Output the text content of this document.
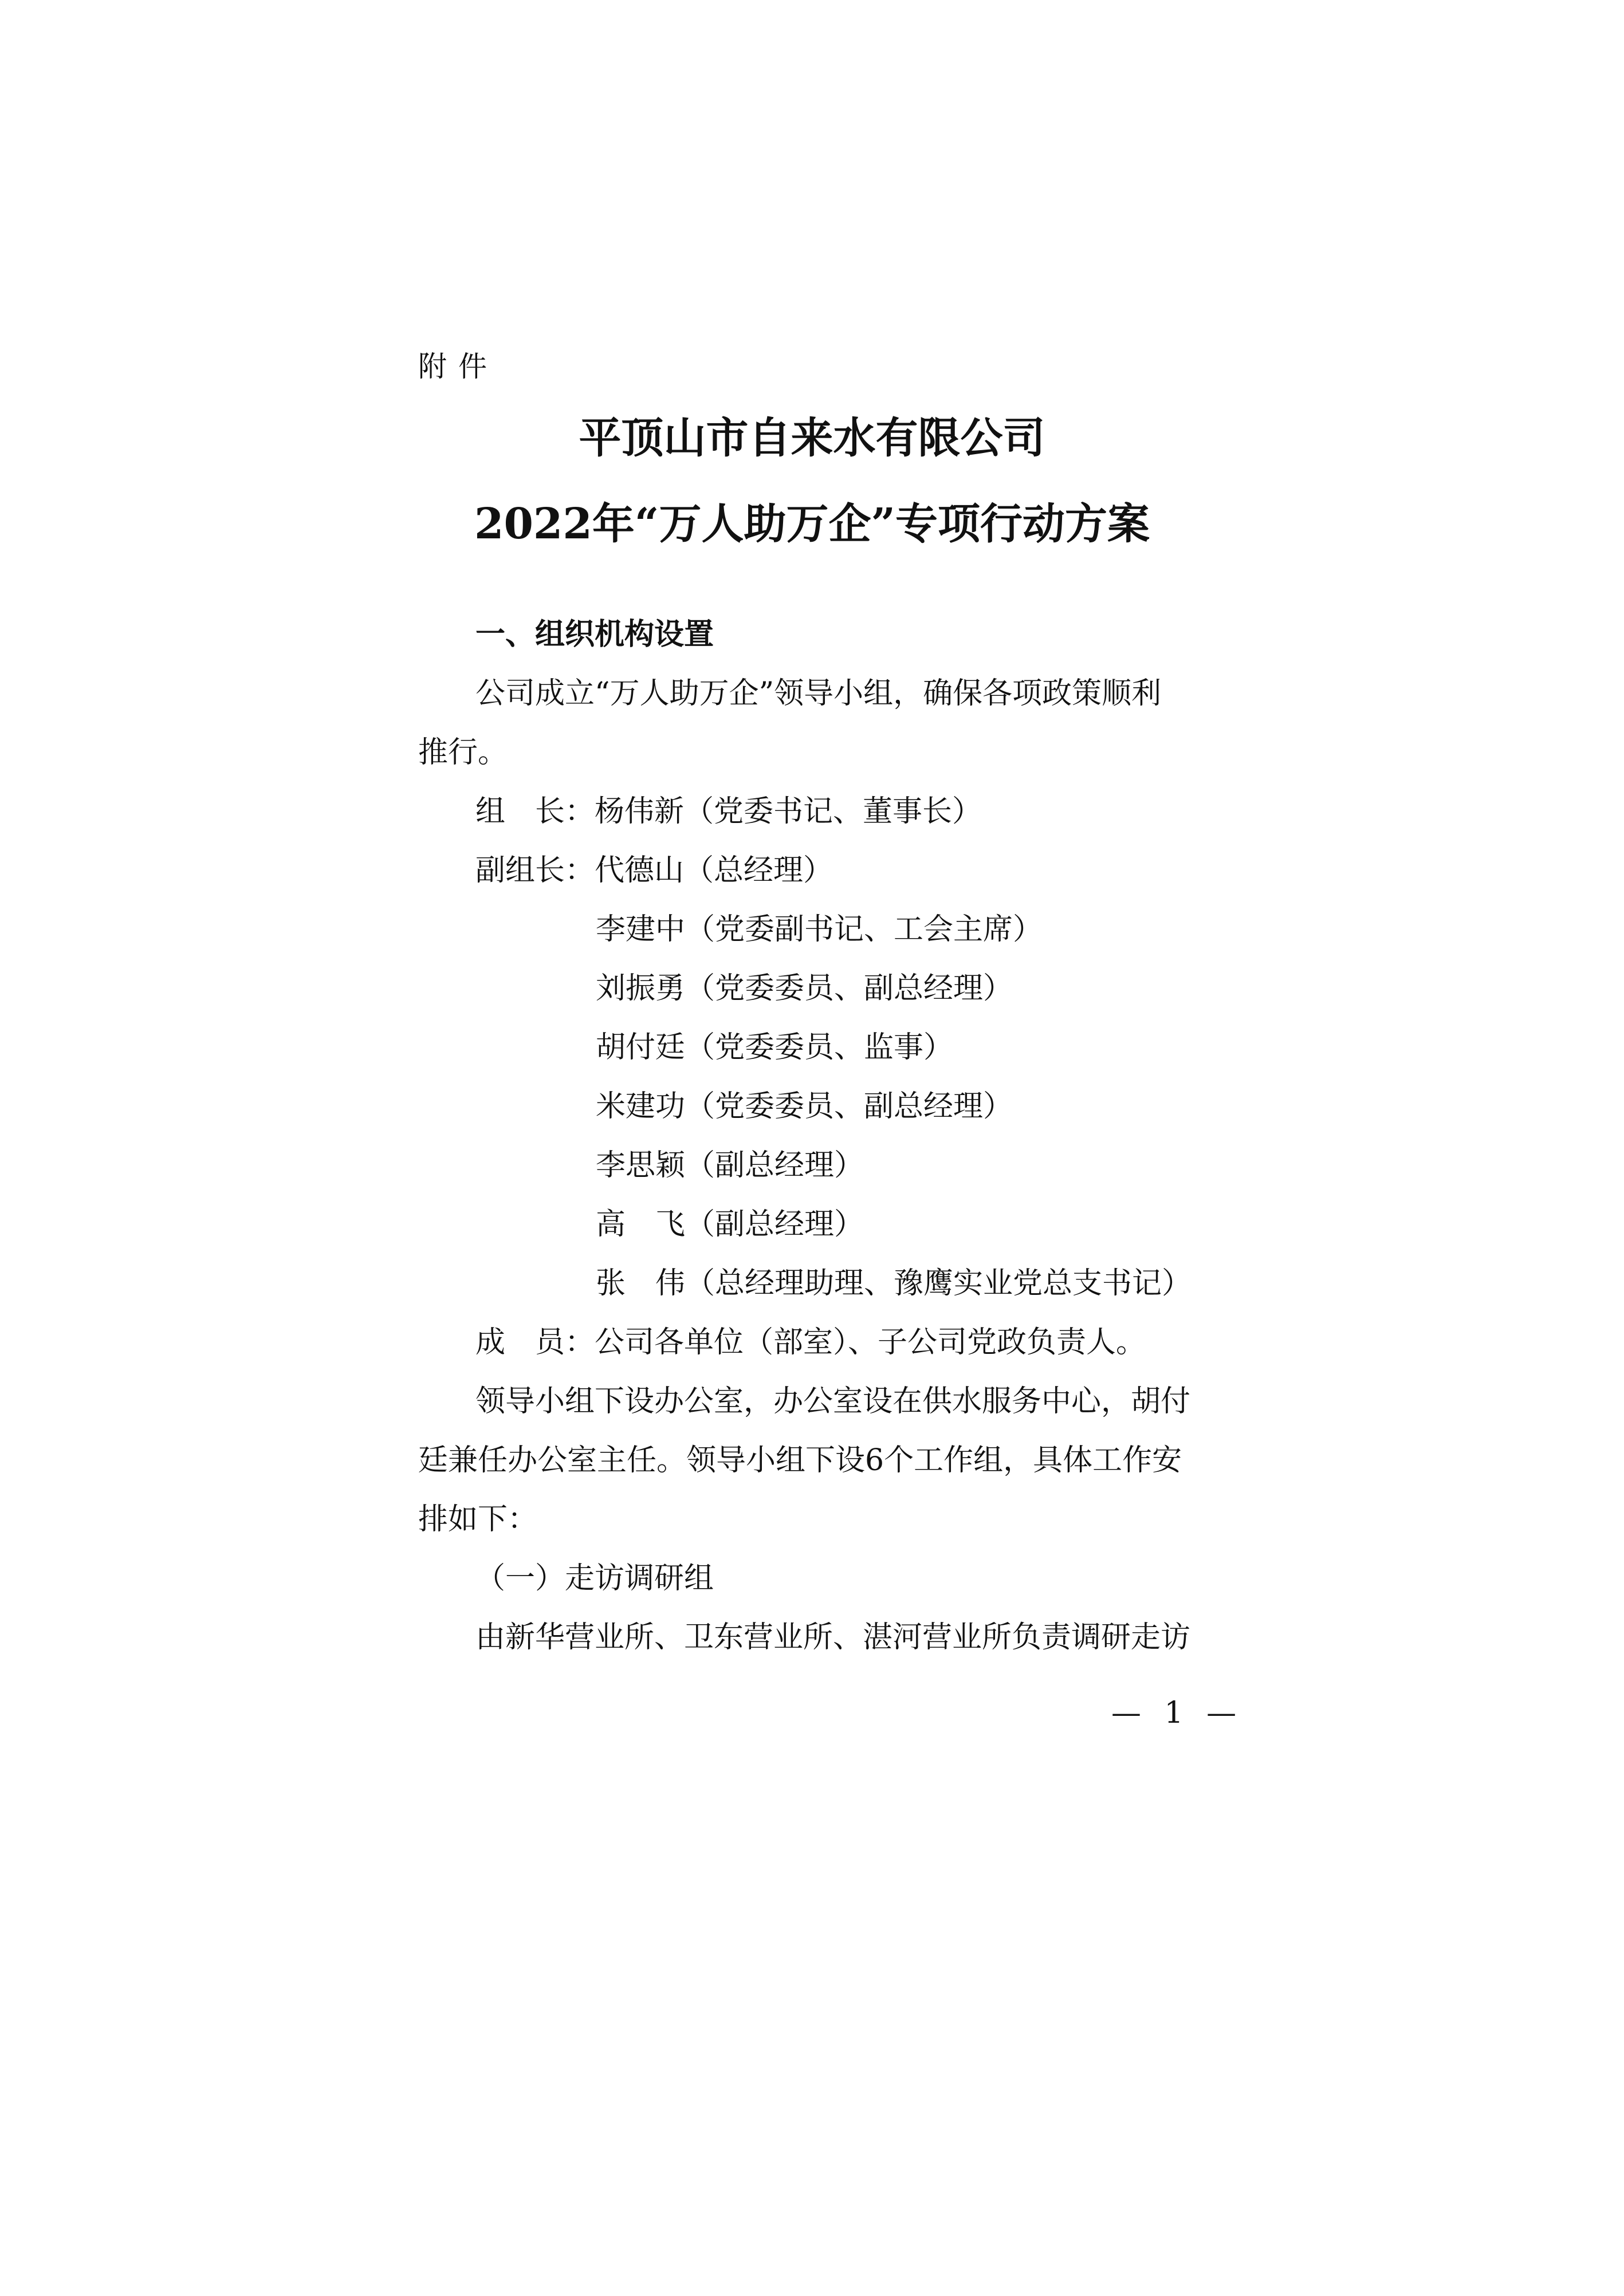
附件
平顶山市自来水有限公司
2022年“万人助万企”专项行动方案
一、组织机构设置
公司成立“万人助万企”领导小组，确保各项政策顺利
推行。
组　长：杨伟新（党委书记、董事长）
副组长：代德山（总经理）
李建中（党委副书记、工会主席）
刘振勇（党委委员、副总经理）
胡付廷（党委委员、监事）
米建功（党委委员、副总经理）
李思颖（副总经理）
高　飞（副总经理）
张　伟（总经理助理、豫鹰实业党总支书记）
成　员：公司各单位（部室）、子公司党政负责人。
领导小组下设办公室，办公室设在供水服务中心，胡付
廷兼任办公室主任。领导小组下设6个工作组，具体工作安
排如下：
（一）走访调研组
由新华营业所、卫东营业所、湛河营业所负责调研走访
— 1 —
